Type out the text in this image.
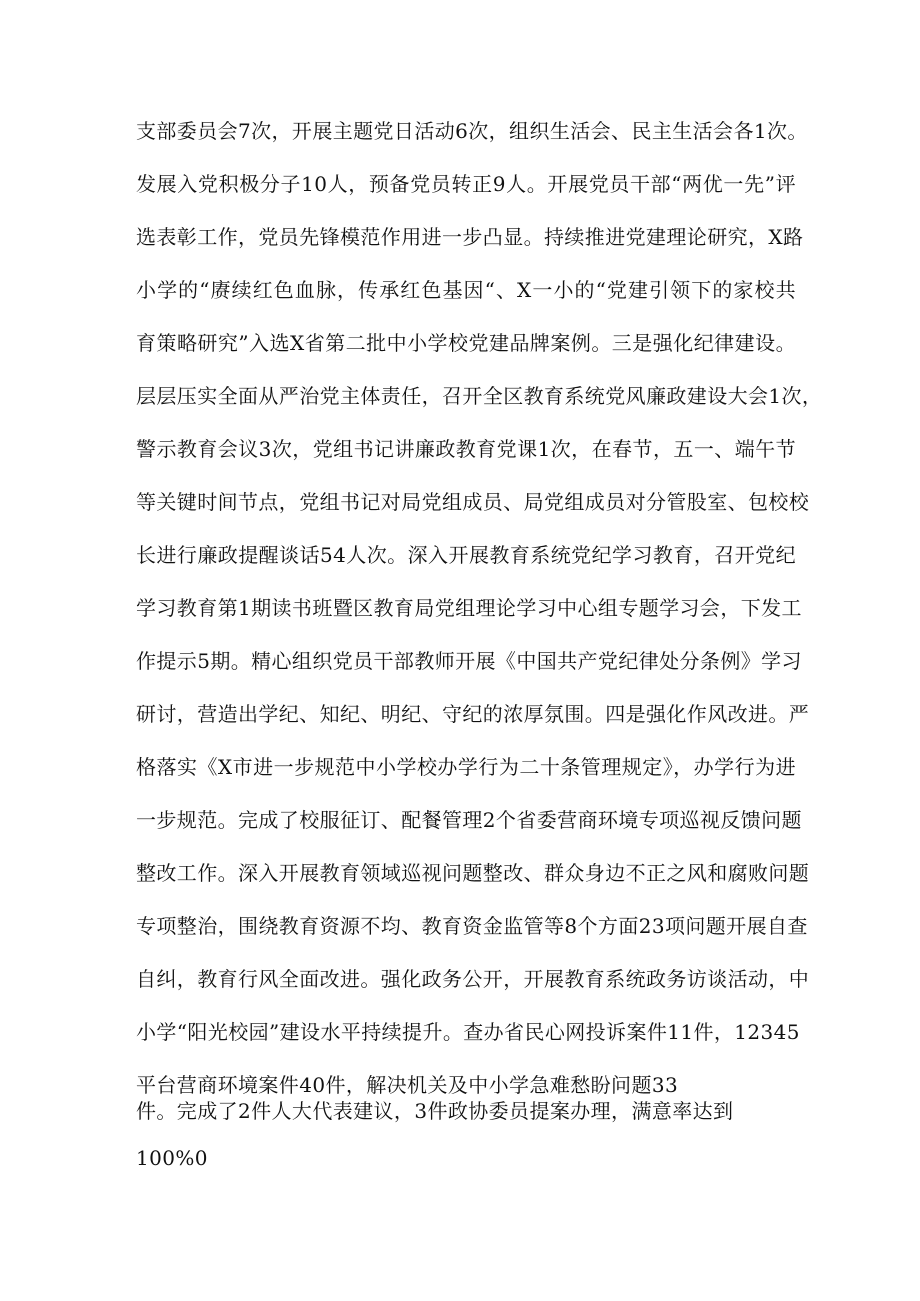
支部委员会7次，开展主题党日活动6次，组织生活会、民主生活会各1次。
发展入党积极分子10人，预备党员转正9人。开展党员干部“两优一先”评
选表彰工作，党员先锋模范作用进一步凸显。持续推进党建理论研究，X路
小学的“赓续红色血脉，传承红色基因“、X一小的“党建引领下的家校共
育策略研究”入选X省第二批中小学校党建品牌案例。三是强化纪律建设。
层层压实全面从严治党主体责任，召开全区教育系统党风廉政建设大会1次，
警示教育会议3次，党组书记讲廉政教育党课1次，在春节，五一、端午节
等关键时间节点，党组书记对局党组成员、局党组成员对分管股室、包校校
长进行廉政提醒谈话54人次。深入开展教育系统党纪学习教育，召开党纪
学习教育第1期读书班暨区教育局党组理论学习中心组专题学习会，下发工
作提示5期。精心组织党员干部教师开展《中国共产党纪律处分条例》学习
研讨，营造出学纪、知纪、明纪、守纪的浓厚氛围。四是强化作风改进。严
格落实《X市进一步规范中小学校办学行为二十条管理规定》，办学行为进
一步规范。完成了校服征订、配餐管理2个省委营商环境专项巡视反馈问题
整改工作。深入开展教育领域巡视问题整改、群众身边不正之风和腐败问题
专项整治，围绕教育资源不均、教育资金监管等8个方面23项问题开展自查
自纠，教育行风全面改进。强化政务公开，开展教育系统政务访谈活动，中
小学“阳光校园”建设水平持续提升。查办省民心网投诉案件11件，12345
平台营商环境案件40件，解决机关及中小学急难愁盼问题33
件。完成了2件人大代表建议，3件政协委员提案办理，满意率达到
100%0
